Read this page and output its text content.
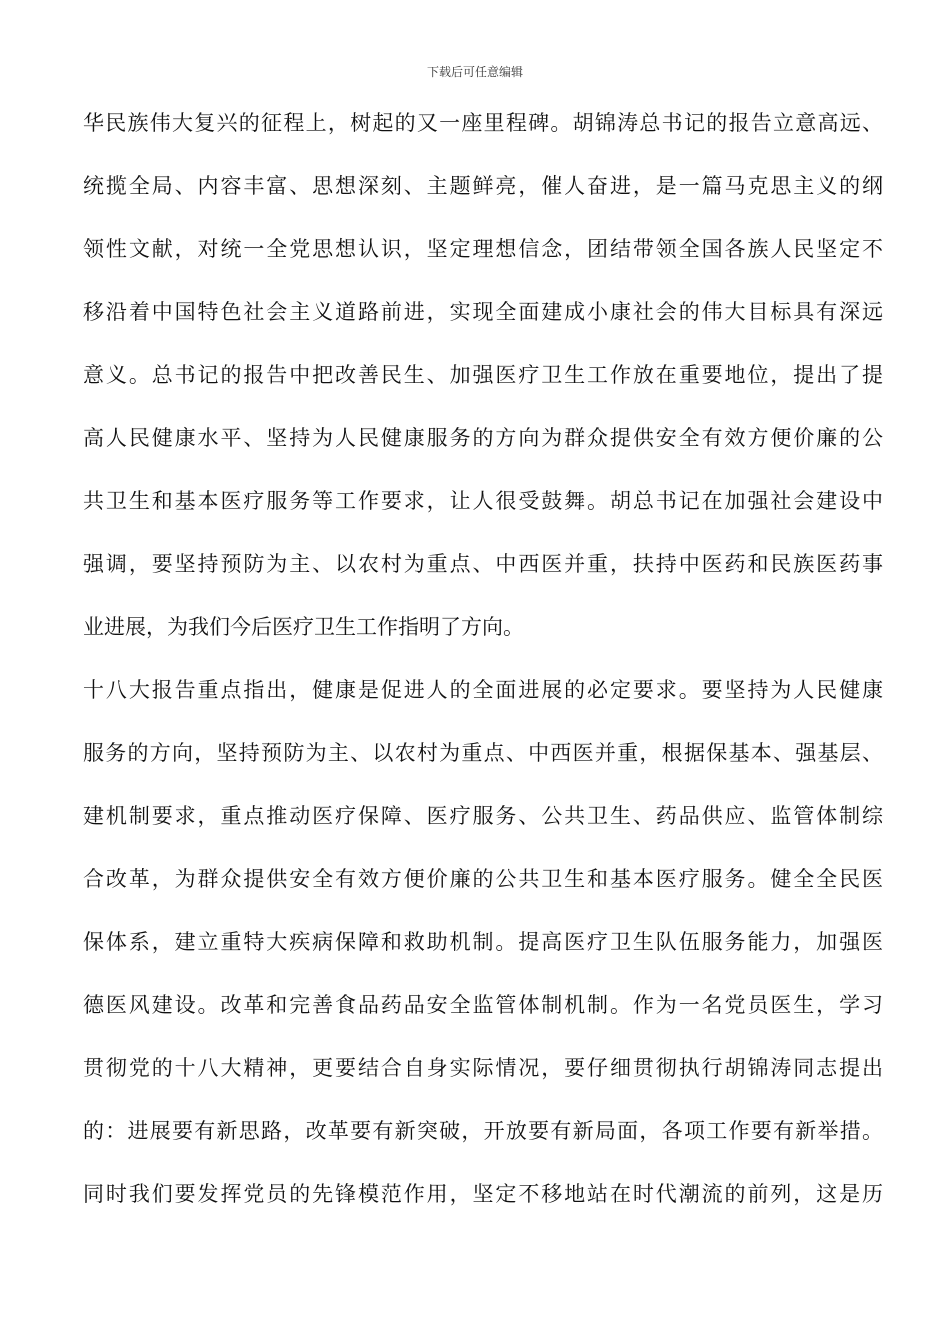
下载后可任意编辑
华民族伟大复兴的征程上，树起的又一座里程碑。胡锦涛总书记的报告立意高远、
统揽全局、内容丰富、思想深刻、主题鲜亮，催人奋进，是一篇马克思主义的纲
领性文献，对统一全党思想认识，坚定理想信念，团结带领全国各族人民坚定不
移沿着中国特色社会主义道路前进，实现全面建成小康社会的伟大目标具有深远
意义。总书记的报告中把改善民生、加强医疗卫生工作放在重要地位，提出了提
高人民健康水平、坚持为人民健康服务的方向为群众提供安全有效方便价廉的公
共卫生和基本医疗服务等工作要求，让人很受鼓舞。胡总书记在加强社会建设中
强调，要坚持预防为主、以农村为重点、中西医并重，扶持中医药和民族医药事
业进展，为我们今后医疗卫生工作指明了方向。
十八大报告重点指出，健康是促进人的全面进展的必定要求。要坚持为人民健康
服务的方向，坚持预防为主、以农村为重点、中西医并重，根据保基本、强基层、
建机制要求，重点推动医疗保障、医疗服务、公共卫生、药品供应、监管体制综
合改革，为群众提供安全有效方便价廉的公共卫生和基本医疗服务。健全全民医
保体系，建立重特大疾病保障和救助机制。提高医疗卫生队伍服务能力，加强医
德医风建设。改革和完善食品药品安全监管体制机制。作为一名党员医生，学习
贯彻党的十八大精神，更要结合自身实际情况，要仔细贯彻执行胡锦涛同志提出
的：进展要有新思路，改革要有新突破，开放要有新局面，各项工作要有新举措。
同时我们要发挥党员的先锋模范作用，坚定不移地站在时代潮流的前列，这是历
